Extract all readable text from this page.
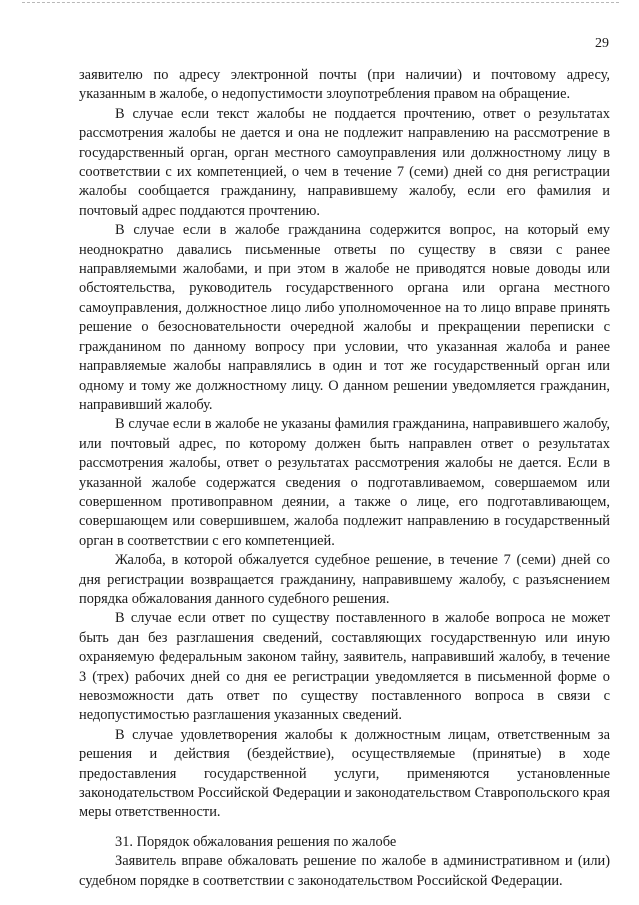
29

заявителю по адресу электронной почты (при наличии) и почтовому адресу, указанным в жалобе, о недопустимости злоупотребления правом на обращение.

В случае если текст жалобы не поддается прочтению, ответ о результатах рассмотрения жалобы не дается и она не подлежит направлению на рассмотрение в государственный орган, орган местного самоуправления или должностному лицу в соответствии с их компетенцией, о чем в течение 7 (семи) дней со дня регистрации жалобы сообщается гражданину, направившему жалобу, если его фамилия и почтовый адрес поддаются прочтению.

В случае если в жалобе гражданина содержится вопрос, на который ему неоднократно давались письменные ответы по существу в связи с ранее направляемыми жалобами, и при этом в жалобе не приводятся новые доводы или обстоятельства, руководитель государственного органа или органа местного самоуправления, должностное лицо либо уполномоченное на то лицо вправе принять решение о безосновательности очередной жалобы и прекращении переписки с гражданином по данному вопросу при условии, что указанная жалоба и ранее направляемые жалобы направлялись в один и тот же государственный орган или одному и тому же должностному лицу. О данном решении уведомляется гражданин, направивший жалобу.

В случае если в жалобе не указаны фамилия гражданина, направившего жалобу, или почтовый адрес, по которому должен быть направлен ответ о результатах рассмотрения жалобы, ответ о результатах рассмотрения жалобы не дается. Если в указанной жалобе содержатся сведения о подготавливаемом, совершаемом или совершенном противоправном деянии, а также о лице, его подготавливающем, совершающем или совершившем, жалоба подлежит направлению в государственный орган в соответствии с его компетенцией.

Жалоба, в которой обжалуется судебное решение, в течение 7 (семи) дней со дня регистрации возвращается гражданину, направившему жалобу, с разъяснением порядка обжалования данного судебного решения.

В случае если ответ по существу поставленного в жалобе вопроса не может быть дан без разглашения сведений, составляющих государственную или иную охраняемую федеральным законом тайну, заявитель, направивший жалобу, в течение 3 (трех) рабочих дней со дня ее регистрации уведомляется в письменной форме о невозможности дать ответ по существу поставленного вопроса в связи с недопустимостью разглашения указанных сведений.

В случае удовлетворения жалобы к должностным лицам, ответственным за решения и действия (бездействие), осуществляемые (принятые) в ходе предоставления государственной услуги, применяются установленные законодательством Российской Федерации и законодательством Ставропольского края меры ответственности.

31. Порядок обжалования решения по жалобе

Заявитель вправе обжаловать решение по жалобе в административном и (или) судебном порядке в соответствии с законодательством Российской Федерации.
